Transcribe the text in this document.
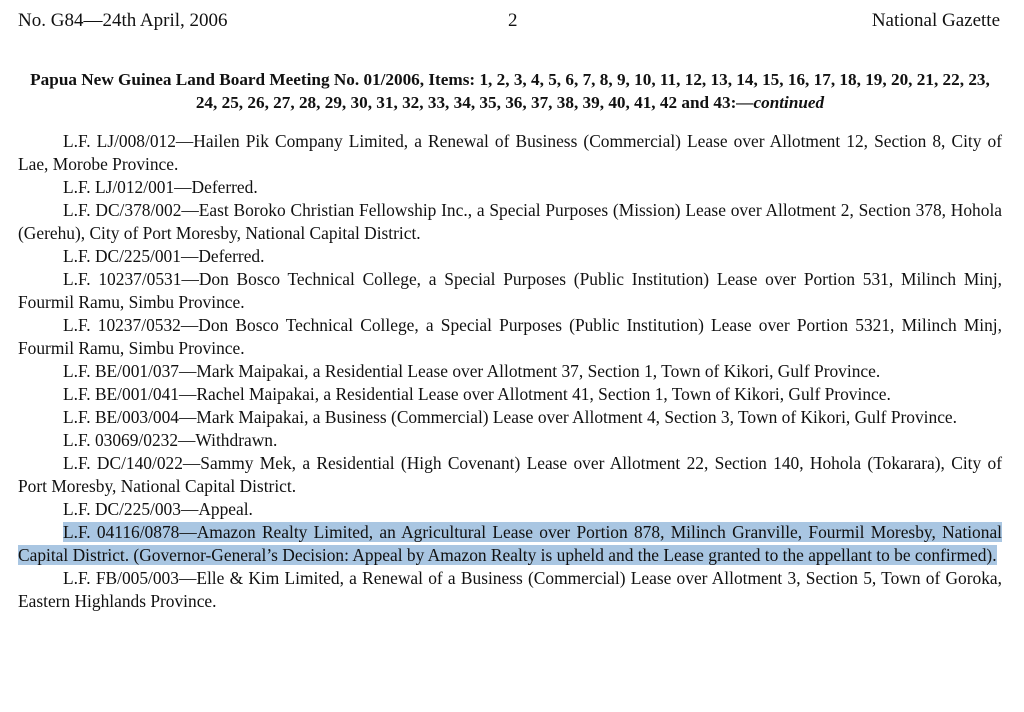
No. G84—24th April, 2006	2	National Gazette
Papua New Guinea Land Board Meeting No. 01/2006, Items: 1, 2, 3, 4, 5, 6, 7, 8, 9, 10, 11, 12, 13, 14, 15, 16, 17, 18, 19, 20, 21, 22, 23, 24, 25, 26, 27, 28, 29, 30, 31, 32, 33, 34, 35, 36, 37, 38, 39, 40, 41, 42 and 43:—continued

L.F. LJ/008/012—Hailen Pik Company Limited, a Renewal of Business (Commercial) Lease over Allotment 12, Section 8, City of Lae, Morobe Province.

L.F. LJ/012/001—Deferred.

L.F. DC/378/002—East Boroko Christian Fellowship Inc., a Special Purposes (Mission) Lease over Allotment 2, Section 378, Hohola (Gerehu), City of Port Moresby, National Capital District.

L.F. DC/225/001—Deferred.

L.F. 10237/0531—Don Bosco Technical College, a Special Purposes (Public Institution) Lease over Portion 531, Milinch Minj, Fourmil Ramu, Simbu Province.

L.F. 10237/0532—Don Bosco Technical College, a Special Purposes (Public Institution) Lease over Portion 5321, Milinch Minj, Fourmil Ramu, Simbu Province.

L.F. BE/001/037—Mark Maipakai, a Residential Lease over Allotment 37, Section 1, Town of Kikori, Gulf Province.

L.F. BE/001/041—Rachel Maipakai, a Residential Lease over Allotment 41, Section 1, Town of Kikori, Gulf Province.

L.F. BE/003/004—Mark Maipakai, a Business (Commercial) Lease over Allotment 4, Section 3, Town of Kikori, Gulf Province.

L.F. 03069/0232—Withdrawn.

L.F. DC/140/022—Sammy Mek, a Residential (High Covenant) Lease over Allotment 22, Section 140, Hohola (Tokarara), City of Port Moresby, National Capital District.

L.F. DC/225/003—Appeal.

L.F. 04116/0878—Amazon Realty Limited, an Agricultural Lease over Portion 878, Milinch Granville, Fourmil Moresby, National Capital District. (Governor-General’s Decision: Appeal by Amazon Realty is upheld and the Lease granted to the appellant to be confirmed).

L.F. FB/005/003—Elle & Kim Limited, a Renewal of a Business (Commercial) Lease over Allotment 3, Section 5, Town of Goroka, Eastern Highlands Province.
